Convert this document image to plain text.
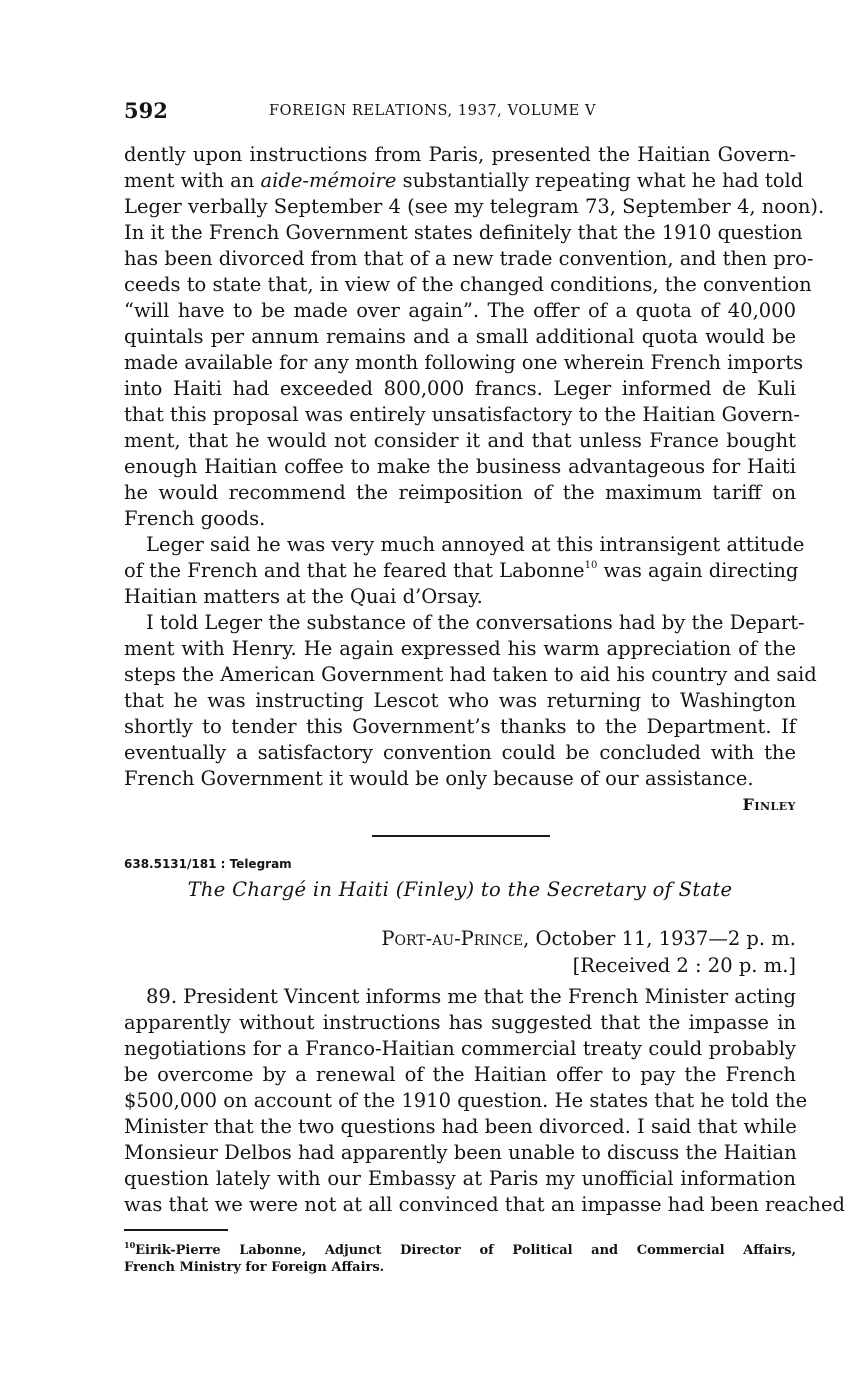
592	FOREIGN RELATIONS, 1937, VOLUME V
dently upon instructions from Paris, presented the Haitian Govern-
ment with an aide-mémoire substantially repeating what he had told
Leger verbally September 4 (see my telegram 73, September 4, noon).
In it the French Government states definitely that the 1910 question
has been divorced from that of a new trade convention, and then pro-
ceeds to state that, in view of the changed conditions, the convention
“will have to be made over again”. The offer of a quota of 40,000
quintals per annum remains and a small additional quota would be
made available for any month following one wherein French imports
into Haiti had exceeded 800,000 francs. Leger informed de Kuli
that this proposal was entirely unsatisfactory to the Haitian Govern-
ment, that he would not consider it and that unless France bought
enough Haitian coffee to make the business advantageous for Haiti
he would recommend the reimposition of the maximum tariff on
French goods.
Leger said he was very much annoyed at this intransigent attitude
of the French and that he feared that Labonne$^{10}$ was again directing
Haitian matters at the Quai d’Orsay.
I told Leger the substance of the conversations had by the Depart-
ment with Henry. He again expressed his warm appreciation of the
steps the American Government had taken to aid his country and said
that he was instructing Lescot who was returning to Washington
shortly to tender this Government’s thanks to the Department. If
eventually a satisfactory convention could be concluded with the
French Government it would be only because of our assistance.
Finley
638.5131/181 : Telegram
The Chargé in Haiti (Finley) to the Secretary of State
Port-au-Prince, October 11, 1937—2 p. m.
[Received 2 : 20 p. m.]
89. President Vincent informs me that the French Minister acting
apparently without instructions has suggested that the impasse in
negotiations for a Franco-Haitian commercial treaty could probably
be overcome by a renewal of the Haitian offer to pay the French
$500,000 on account of the 1910 question. He states that he told the
Minister that the two questions had been divorced. I said that while
Monsieur Delbos had apparently been unable to discuss the Haitian
question lately with our Embassy at Paris my unofficial information
was that we were not at all convinced that an impasse had been reached
$^{10}$Eirik-Pierre Labonne, Adjunct Director of Political and Commercial Affairs,
French Ministry for Foreign Affairs.
